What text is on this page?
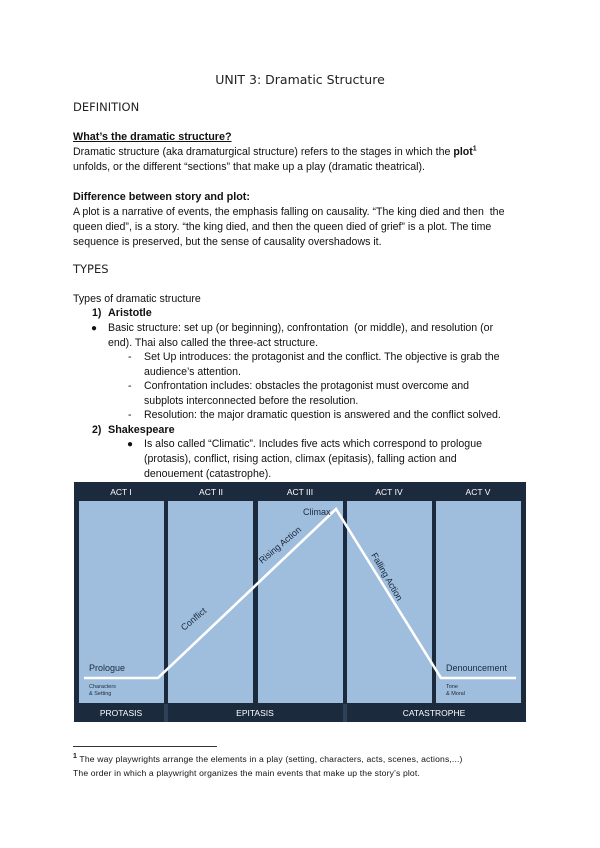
UNIT 3: Dramatic Structure
DEFINITION
What’s the dramatic structure?
Dramatic structure (aka dramaturgical structure) refers to the stages in which the plot$^1$
unfolds, or the different “sections” that make up a play (dramatic theatrical).
Difference between story and plot:
A plot is a narrative of events, the emphasis falling on causality. “The king died and then  the
queen died”, is a story. “the king died, and then the queen died of grief” is a plot. The time
sequence is preserved, but the sense of causality overshadows it.
TYPES
Types of dramatic structure
1) Aristotle
● Basic structure: set up (or beginning), confrontation  (or middle), and resolution (or
end). Thai also called the three-act structure.
- Set Up introduces: the protagonist and the conflict. The objective is grab the
audience’s attention.
- Confrontation includes: obstacles the protagonist must overcome and
subplots interconnected before the resolution.
- Resolution: the major dramatic question is answered and the conflict solved.
2) Shakespeare
● Is also called “Climatic”. Includes five acts which correspond to prologue
(protasis), conflict, rising action, climax (epitasis), falling action and
denouement (catastrophe).
ACT I	ACT II	ACT III	ACT IV	ACT V
PROTASIS	EPITASIS	CATASTROPHE
Prologue
Characters
& Setting
Conflict
Rising Action
Climax
Falling Action
Denouncement
Tone
& Moral
$^1$ The way playwrights arrange the elements in a play (setting, characters, acts, scenes, actions,...)
The order in which a playwright organizes the main events that make up the story’s plot.
